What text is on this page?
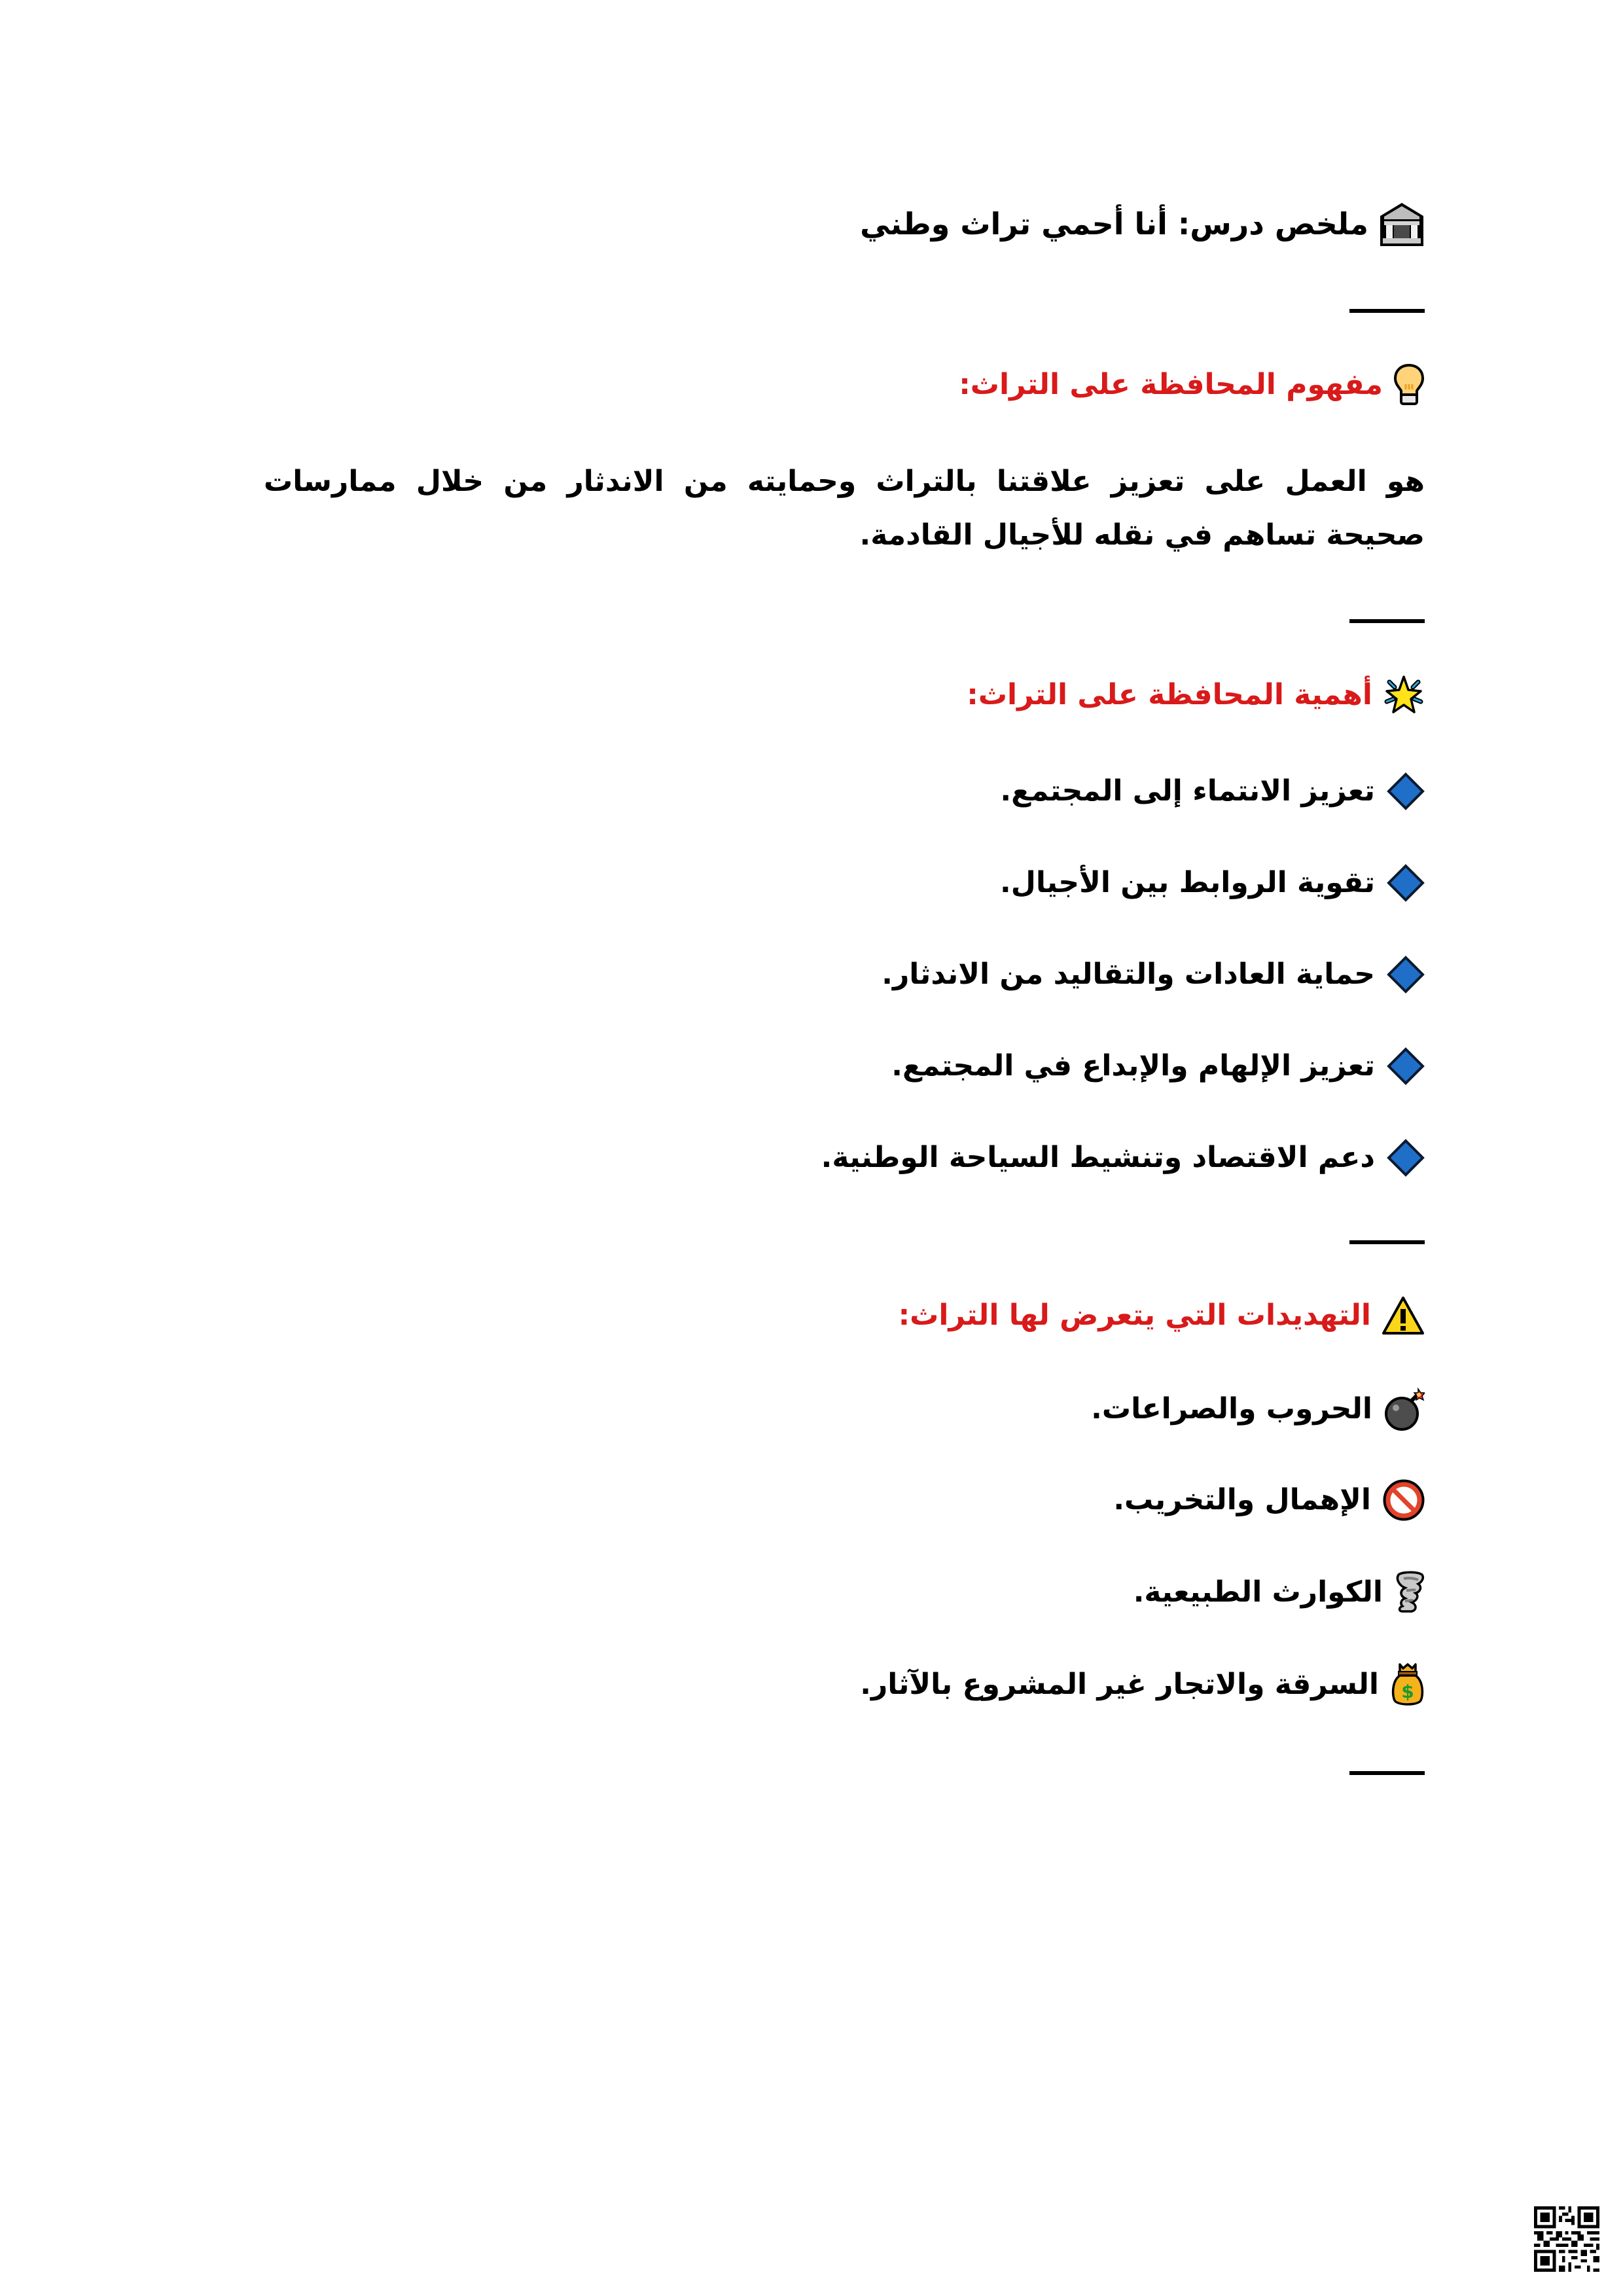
ملخص درس: أنا أحمي تراث وطني
مفهوم المحافظة على التراث:
هو العمل على تعزيز علاقتنا بالتراث وحمايته من الاندثار من خلال ممارسات صحيحة تساهم في نقله للأجيال القادمة.
أهمية المحافظة على التراث:
تعزيز الانتماء إلى المجتمع.
تقوية الروابط بين الأجيال.
حماية العادات والتقاليد من الاندثار.
تعزيز الإلهام والإبداع في المجتمع.
دعم الاقتصاد وتنشيط السياحة الوطنية.
التهديدات التي يتعرض لها التراث:
الحروب والصراعات.
الإهمال والتخريب.
الكوارث الطبيعية.
$
السرقة والاتجار غير المشروع بالآثار.
